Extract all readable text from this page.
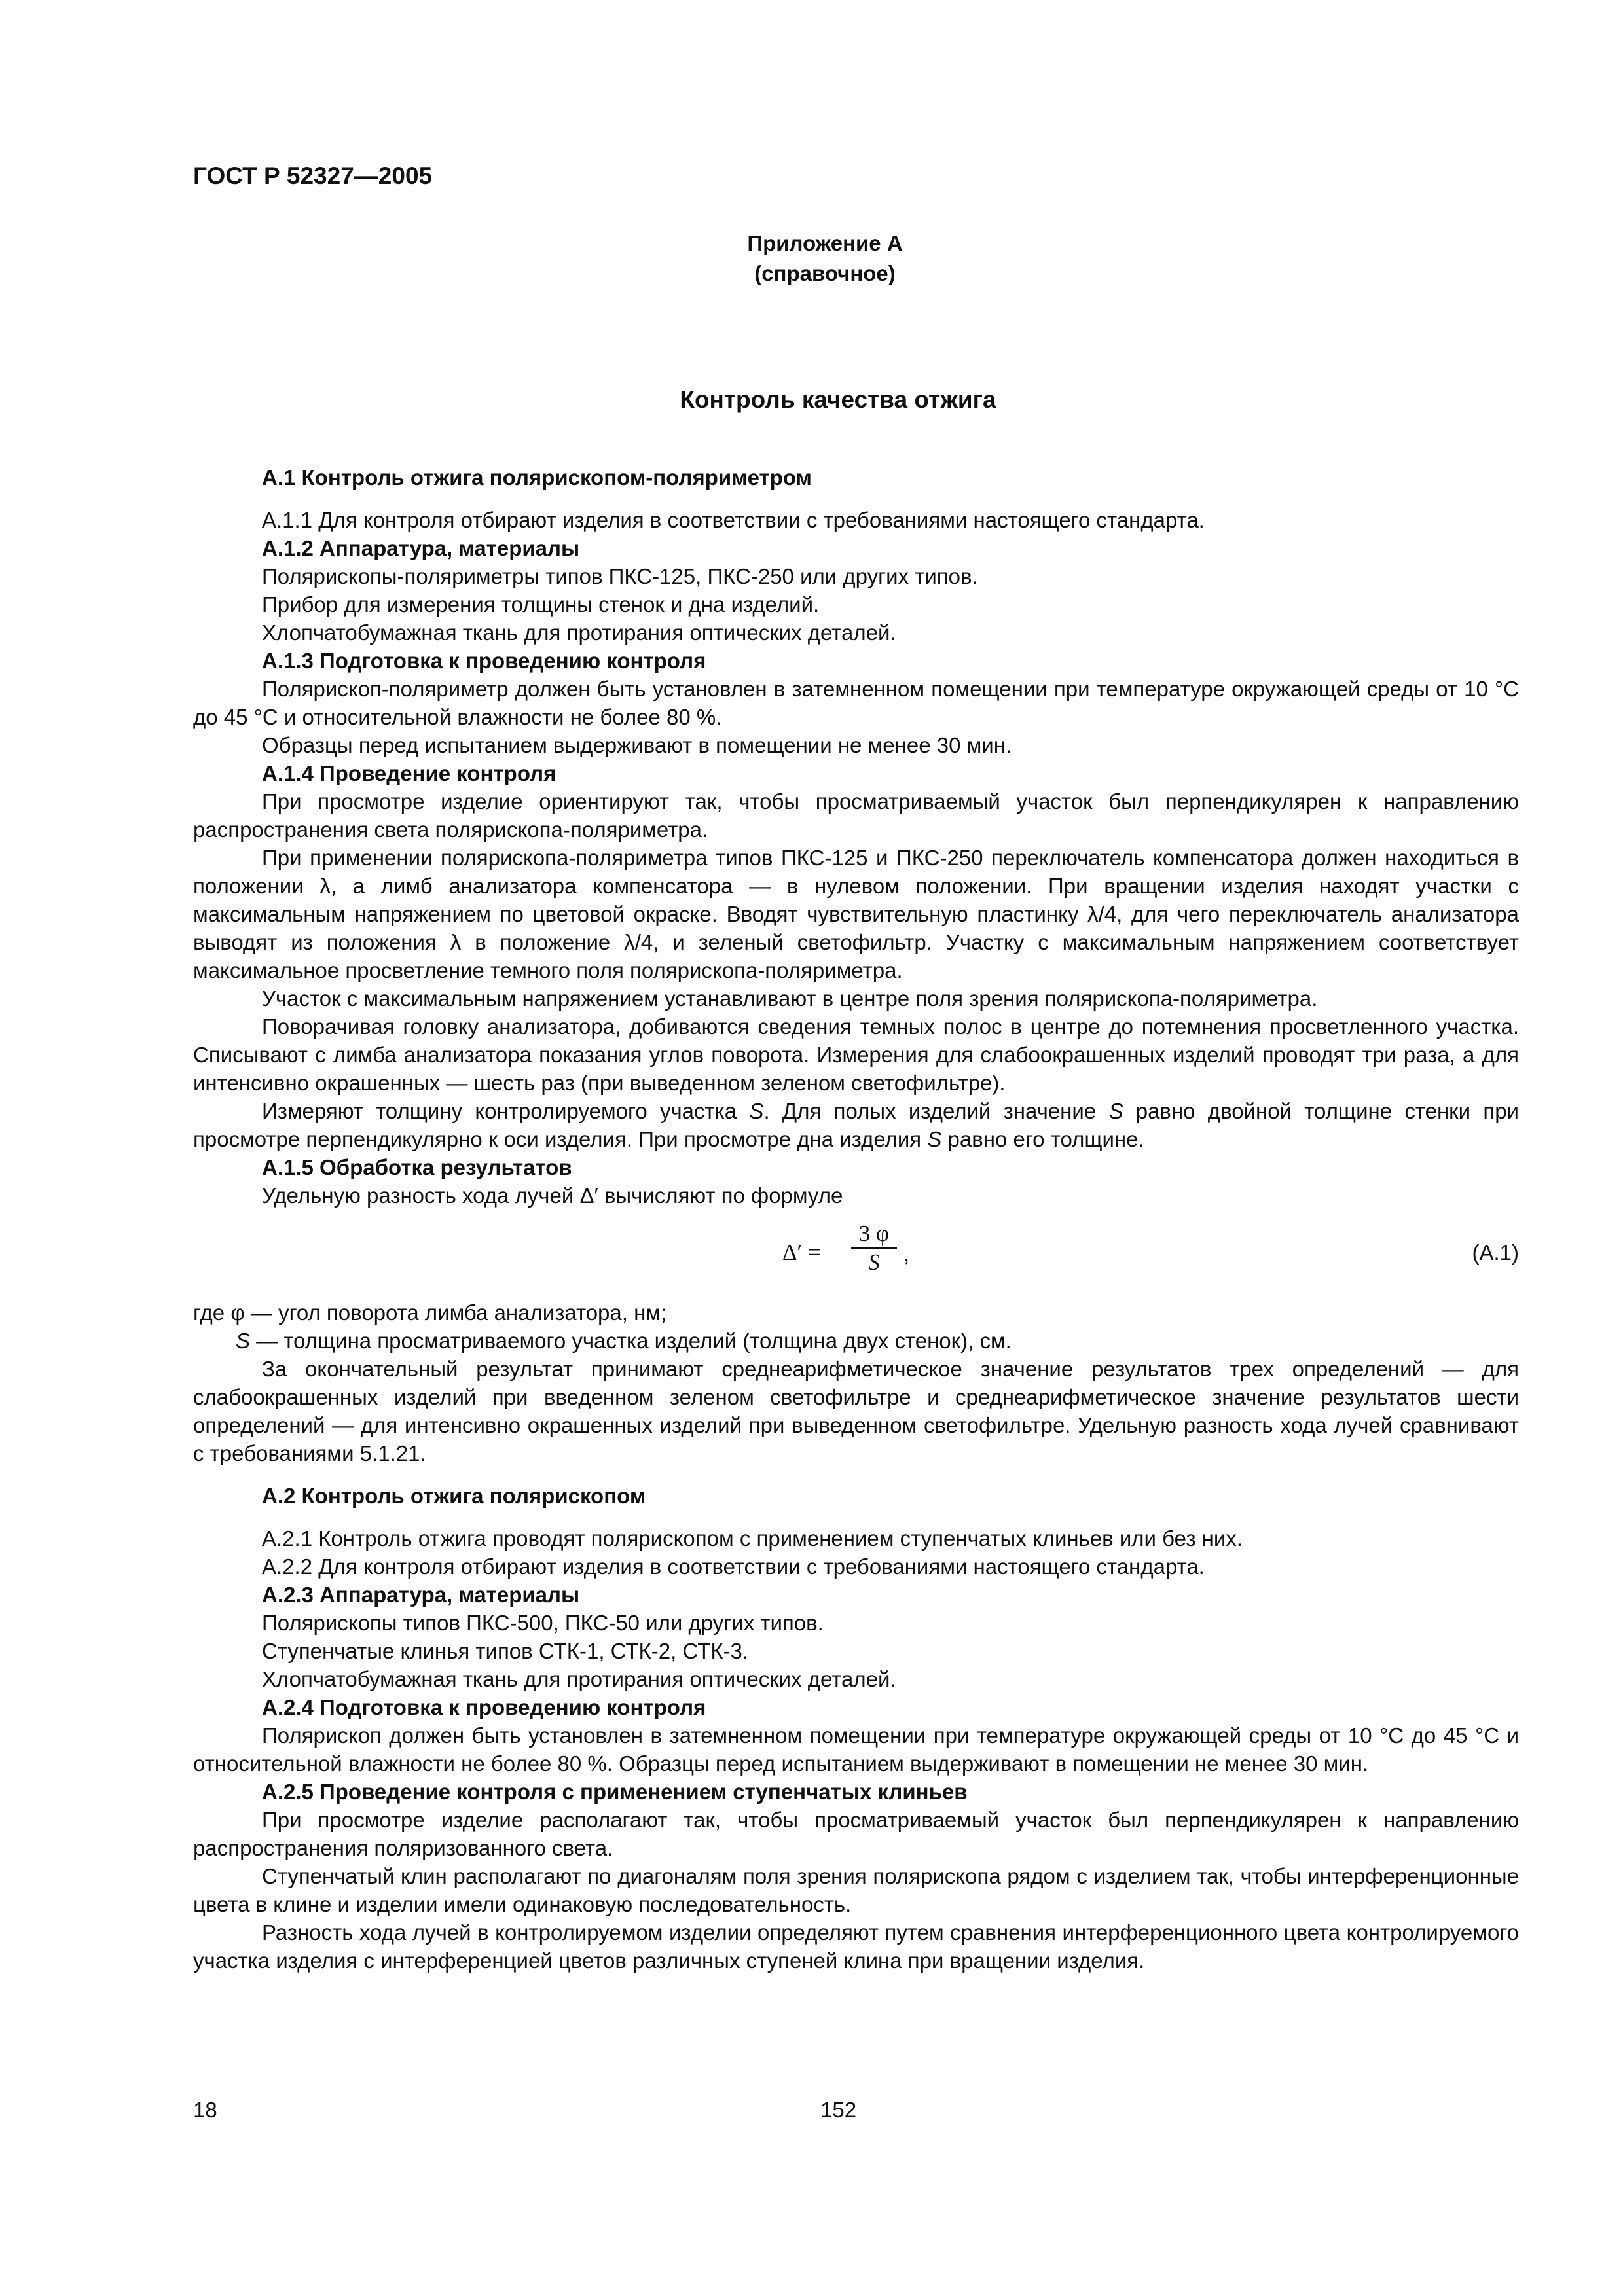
ГОСТ Р 52327—2005
Приложение А
(справочное)
Контроль качества отжига

А.1 Контроль отжига полярископом-поляриметром

А.1.1 Для контроля отбирают изделия в соответствии с требованиями настоящего стандарта.

А.1.2 Аппаратура, материалы

Полярископы-поляриметры типов ПКС-125, ПКС-250 или других типов.

Прибор для измерения толщины стенок и дна изделий.

Хлопчатобумажная ткань для протирания оптических деталей.

А.1.3 Подготовка к проведению контроля

Полярископ-поляриметр должен быть установлен в затемненном помещении при температуре окружающей среды от 10 °С до 45 °С и относительной влажности не более 80 %.

Образцы перед испытанием выдерживают в помещении не менее 30 мин.

А.1.4 Проведение контроля

При просмотре изделие ориентируют так, чтобы просматриваемый участок был перпендикулярен к направлению распространения света полярископа-поляриметра.

При применении полярископа-поляриметра типов ПКС-125 и ПКС-250 переключатель компенсатора должен находиться в положении λ, а лимб анализатора компенсатора — в нулевом положении. При вращении изделия находят участки с максимальным напряжением по цветовой окраске. Вводят чувствительную пластинку λ/4, для чего переключатель анализатора выводят из положения λ в положение λ/4, и зеленый светофильтр. Участку с максимальным напряжением соответствует максимальное просветление темного поля полярископа-поляриметра.

Участок с максимальным напряжением устанавливают в центре поля зрения полярископа-поляриметра.

Поворачивая головку анализатора, добиваются сведения темных полос в центре до потемнения просветленного участка. Списывают с лимба анализатора показания углов поворота. Измерения для слабоокрашенных изделий проводят три раза, а для интенсивно окрашенных — шесть раз (при выведенном зеленом светофильтре).

Измеряют толщину контролируемого участка S. Для полых изделий значение S равно двойной толщине стенки при просмотре перпендикулярно к оси изделия. При просмотре дна изделия S равно его толщине.

А.1.5 Обработка результатов

Удельную разность хода лучей Δ′ вычисляют по формуле

$\Delta' = \frac{3 \varphi}{S}$ ,	(А.1)

где φ — угол поворота лимба анализатора, нм;

S — толщина просматриваемого участка изделий (толщина двух стенок), см.

За окончательный результат принимают среднеарифметическое значение результатов трех определений — для слабоокрашенных изделий при введенном зеленом светофильтре и среднеарифметическое значение результатов шести определений — для интенсивно окрашенных изделий при выведенном светофильтре. Удельную разность хода лучей сравнивают с требованиями 5.1.21.

А.2 Контроль отжига полярископом

А.2.1 Контроль отжига проводят полярископом с применением ступенчатых клиньев или без них.

А.2.2 Для контроля отбирают изделия в соответствии с требованиями настоящего стандарта.

А.2.3 Аппаратура, материалы

Полярископы типов ПКС-500, ПКС-50 или других типов.

Ступенчатые клинья типов СТК-1, СТК-2, СТК-3.

Хлопчатобумажная ткань для протирания оптических деталей.

А.2.4 Подготовка к проведению контроля

Полярископ должен быть установлен в затемненном помещении при температуре окружающей среды от 10 °С до 45 °С и относительной влажности не более 80 %. Образцы перед испытанием выдерживают в помещении не менее 30 мин.

А.2.5 Проведение контроля с применением ступенчатых клиньев

При просмотре изделие располагают так, чтобы просматриваемый участок был перпендикулярен к направлению распространения поляризованного света.

Ступенчатый клин располагают по диагоналям поля зрения полярископа рядом с изделием так, чтобы интерференционные цвета в клине и изделии имели одинаковую последовательность.

Разность хода лучей в контролируемом изделии определяют путем сравнения интерференционного цвета контролируемого участка изделия с интерференцией цветов различных ступеней клина при вращении изделия.

18	152
